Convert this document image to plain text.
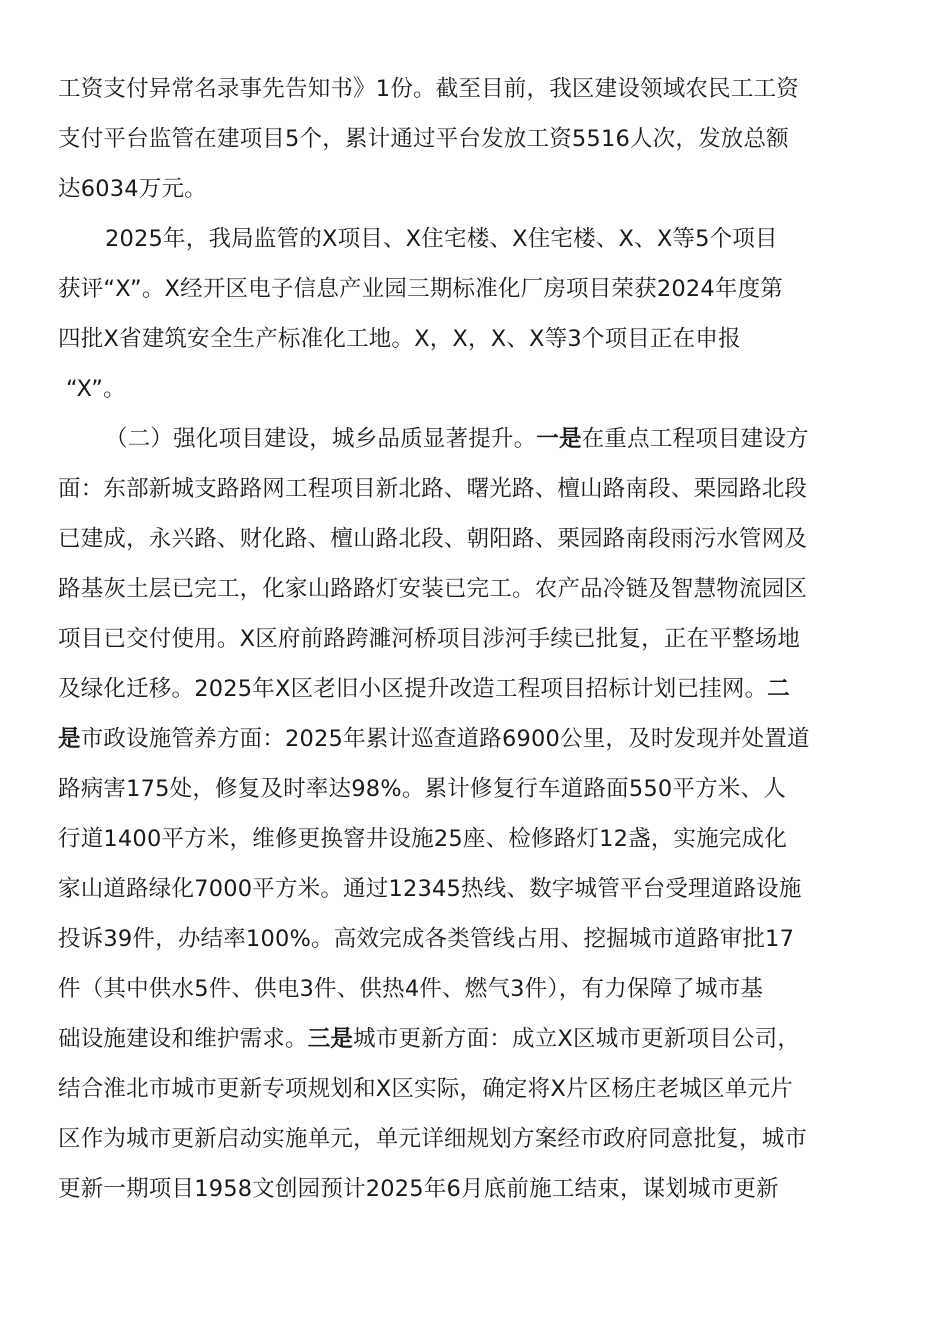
工资支付异常名录事先告知书》1份。截至目前，我区建设领域农民工工资
支付平台监管在建项目5个，累计通过平台发放工资5516人次，发放总额
达6034万元。
2025年，我局监管的X项目、X住宅楼、X住宅楼、X、X等5个项目
获评“X”。X经开区电子信息产业园三期标准化厂房项目荣获2024年度第
四批X省建筑安全生产标准化工地。X，X，X、X等3个项目正在申报
“X”。
（二）强化项目建设，城乡品质显著提升。一是在重点工程项目建设方
面：东部新城支路路网工程项目新北路、曙光路、檀山路南段、栗园路北段
已建成，永兴路、财化路、檀山路北段、朝阳路、栗园路南段雨污水管网及
路基灰土层已完工，化家山路路灯安装已完工。农产品冷链及智慧物流园区
项目已交付使用。X区府前路跨濉河桥项目涉河手续已批复，正在平整场地
及绿化迁移。2025年X区老旧小区提升改造工程项目招标计划已挂网。二
是市政设施管养方面：2025年累计巡查道路6900公里，及时发现并处置道
路病害175处，修复及时率达98%。累计修复行车道路面550平方米、人
行道1400平方米，维修更换窨井设施25座、检修路灯12盏，实施完成化
家山道路绿化7000平方米。通过12345热线、数字城管平台受理道路设施
投诉39件，办结率100%。高效完成各类管线占用、挖掘城市道路审批17
件（其中供水5件、供电3件、供热4件、燃气3件），有力保障了城市基
础设施建设和维护需求。三是城市更新方面：成立X区城市更新项目公司，
结合淮北市城市更新专项规划和X区实际，确定将X片区杨庄老城区单元片
区作为城市更新启动实施单元，单元详细规划方案经市政府同意批复，城市
更新一期项目1958文创园预计2025年6月底前施工结束，谋划城市更新
